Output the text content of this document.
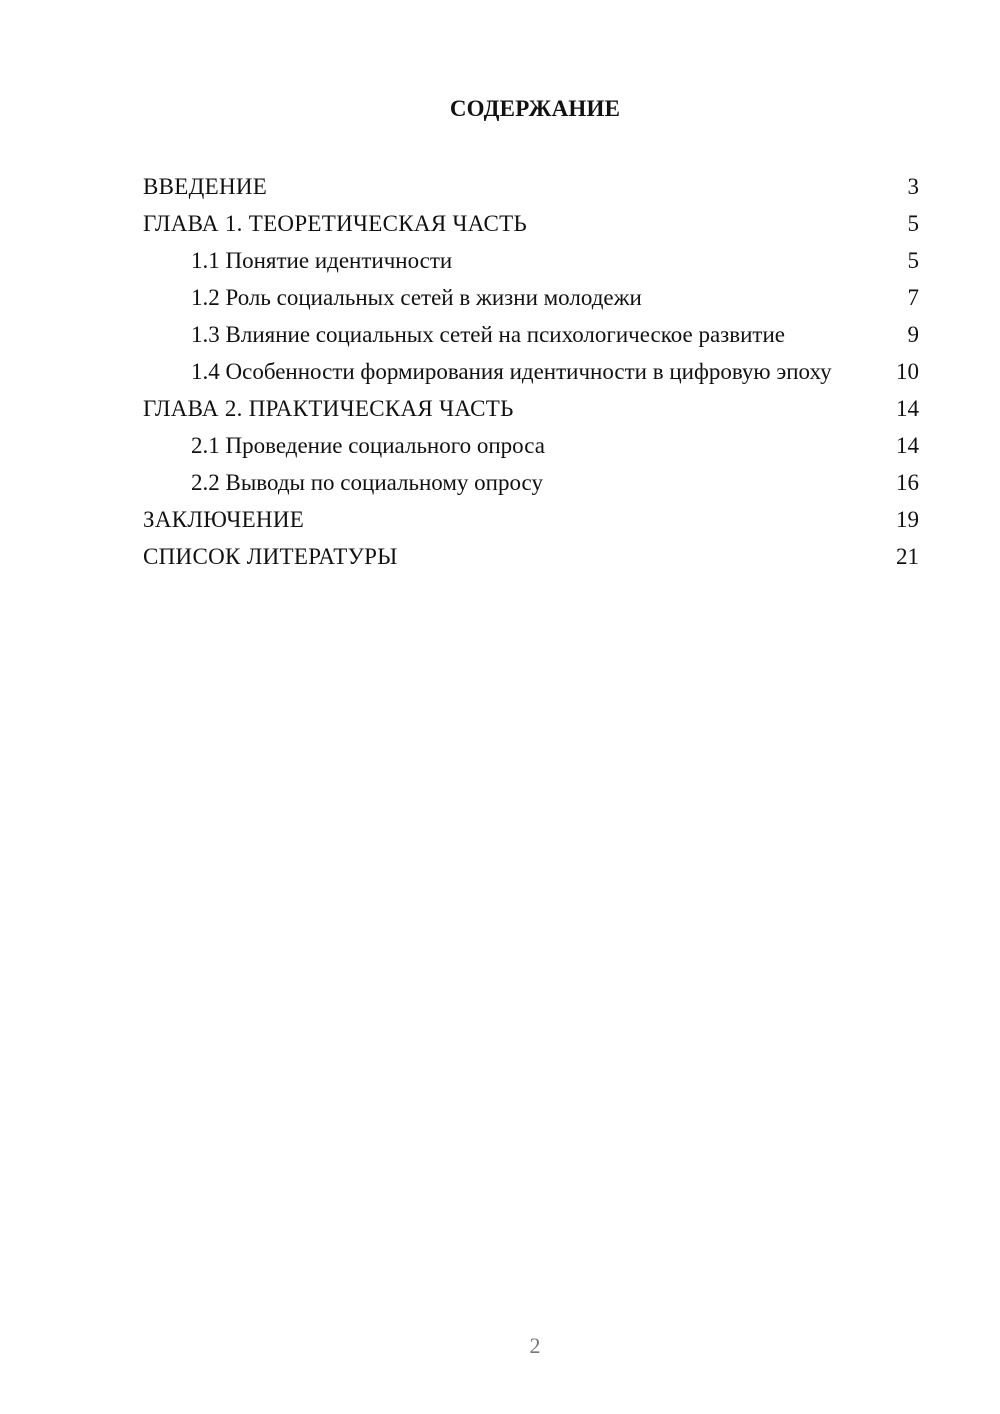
СОДЕРЖАНИЕ
ВВЕДЕНИЕ	3
ГЛАВА 1. ТЕОРЕТИЧЕСКАЯ ЧАСТЬ	5
1.1 Понятие идентичности	5
1.2 Роль социальных сетей в жизни молодежи	7
1.3 Влияние социальных сетей на психологическое развитие	9
1.4 Особенности формирования идентичности в цифровую эпоху	10
ГЛАВА 2. ПРАКТИЧЕСКАЯ ЧАСТЬ	14
2.1 Проведение социального опроса	14
2.2 Выводы по социальному опросу	16
ЗАКЛЮЧЕНИЕ	19
СПИСОК ЛИТЕРАТУРЫ	21
2
